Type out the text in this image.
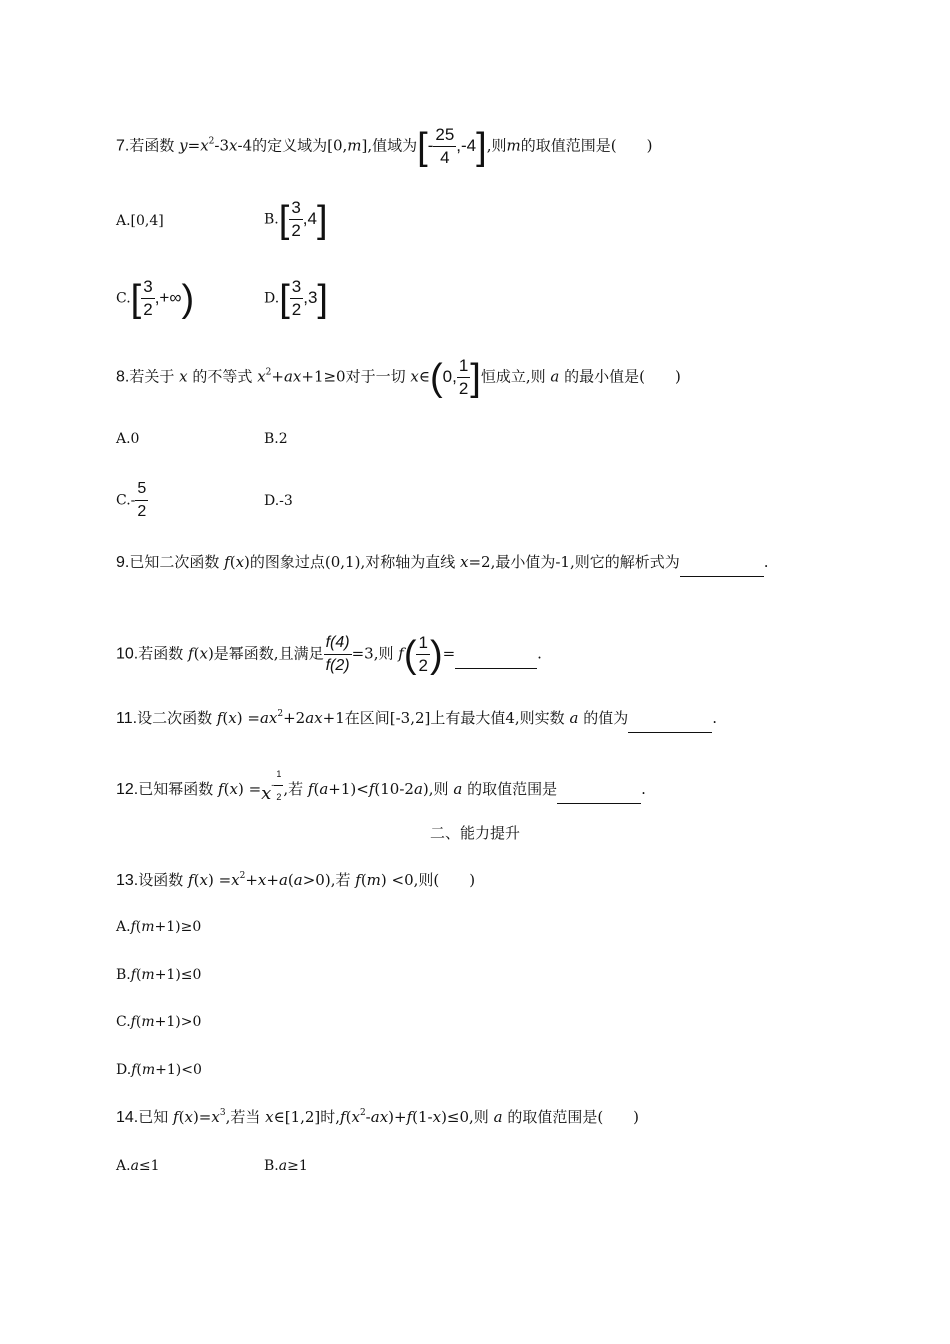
7.若函数 $y=x^2-3x-4$的定义域为[0,m],值域为[- $\frac{25}{4} ,-4$],则m的取值范围是(　　)
A.[0,4]	$B.[ \frac{3}{2} ,4]$
$C.[ \frac{3}{2}$ ,+∞)	$D.[ \frac{3}{2} ,3]$
8.若关于 x 的不等式 $x^2+ax+1\ge 0$对于一切 x∈(0, $\frac{1}{2}$ ]恒成立,则 a 的最小值是(　　)
A.0	B.2
$C.- \frac{5}{2}$	D.-3
9.已知二次函数 f(x)的图象过点(0,1),对称轴为直线 x=2,最小值为-1,则它的解析式为	.
10.若函数 f(x)是幂函数,且满足 $\frac{f(4)}{f(2)} =3$,则 $f( \frac{1}{2}$ )=	.
11.设二次函数 $f(x) =ax^2+2ax+1$在区间[-3,2]上有最大值4,则实数 a 的值为	.
12.已知幂函数 $f(x) =x^{- \frac{1}{2}}$ ,若 f(a+1)<f(10-2a),则 a 的取值范围是	.
二、能力提升
13.设函数 $f(x) =x^2+x+a(a>0)$,若 f(m) <0,则(　　)
A.f(m+1)≥0
B.f(m+1)≤0
C.f(m+1)>0
D.f(m+1)<0
14.已知 $f(x)=x^3$,若当 x∈[1,2]时$,f(x^2-ax)+f(1-x)\le 0$,则 a 的取值范围是(　　)
A.a≤1	B.a≥1
